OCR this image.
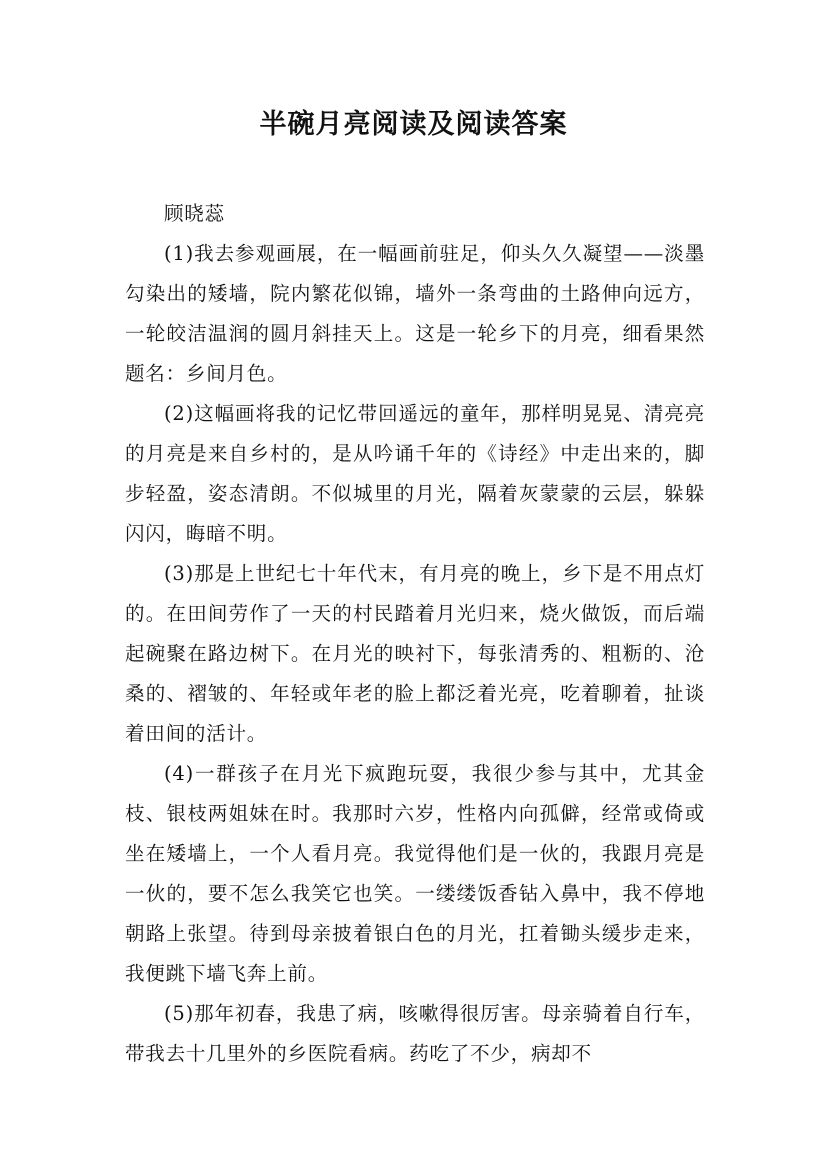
半碗月亮阅读及阅读答案

顾晓蕊

(1)我去参观画展，在一幅画前驻足，仰头久久凝望——淡墨勾染出的矮墙，院内繁花似锦，墙外一条弯曲的土路伸向远方，一轮皎洁温润的圆月斜挂天上。这是一轮乡下的月亮，细看果然题名：乡间月色。

(2)这幅画将我的记忆带回遥远的童年，那样明晃晃、清亮亮的月亮是来自乡村的，是从吟诵千年的《诗经》中走出来的，脚步轻盈，姿态清朗。不似城里的月光，隔着灰蒙蒙的云层，躲躲闪闪，晦暗不明。

(3)那是上世纪七十年代末，有月亮的晚上，乡下是不用点灯的。在田间劳作了一天的村民踏着月光归来，烧火做饭，而后端起碗聚在路边树下。在月光的映衬下，每张清秀的、粗粝的、沧桑的、褶皱的、年轻或年老的脸上都泛着光亮，吃着聊着，扯谈着田间的活计。

(4)一群孩子在月光下疯跑玩耍，我很少参与其中，尤其金枝、银枝两姐妹在时。我那时六岁，性格内向孤僻，经常或倚或坐在矮墙上，一个人看月亮。我觉得他们是一伙的，我跟月亮是一伙的，要不怎么我笑它也笑。一缕缕饭香钻入鼻中，我不停地朝路上张望。待到母亲披着银白色的月光，扛着锄头缓步走来，我便跳下墙飞奔上前。

(5)那年初春，我患了病，咳嗽得很厉害。母亲骑着自行车，带我去十几里外的乡医院看病。药吃了不少，病却不
